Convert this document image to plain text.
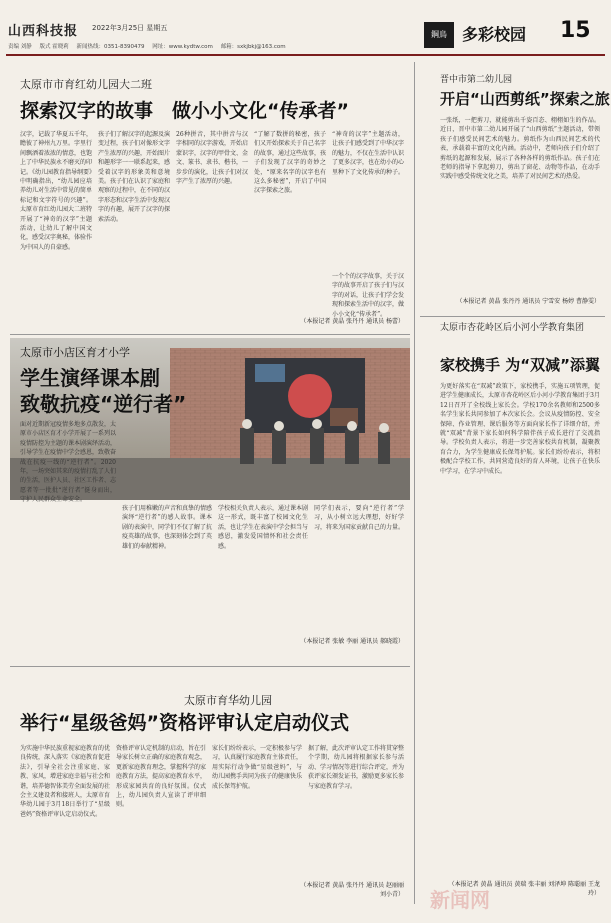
山西科技报 2022年3月25日 星期五
责编 刘静 版式 霍晓莉 新闻热线：0351-8390479 网址：www.kydtw.com 邮箱：sxkjbkj@163.com
鋼鳥 多彩校园 15
太原市市育红幼儿园大二班
探索汉字的故事　做小小文化“传承者”
汉字，记载了华夏五千年，瞻彼了神州九万里。字里行间飘洒着浓浓的情意，也饱上了中华民族永不磨灭的印记。《幼儿园教育指导纲要》中明确指出，“幼儿园应培养幼儿对生活中常见的简单标记和文字符号的兴趣”。太原市育红幼儿园大二班特开展了“神奇的汉字”主题活动，让幼儿了解中国文化，感受汉字奥秘，体验作为中国人的自豪感。
孩子们了解汉字的起源及演变过程，孩子们对像形文字产生浓厚的兴趣，开始图片和趣形字一一联系起来，感受着汉字的形象美和意境美。孩子们在认识了家庭和观察的过程中，在不同的汉字形态和汉字生活中发现汉字的有趣，展开了汉字的探索活动。
26种拼音，其中拼音与汉字相同的汉字游戏，开始启蒙识字，汉字的甲骨文、金文、篆书、隶书、楷书，一步步的演化，让孩子们对汉字产生了浓厚的兴趣。
“了解了数拼的秘密，孩子们又开始探索关于自己名字的故事，通过这些故事，孩子们发现了汉字的奇妙之处，“原来名字的汉字也有这么多秘密”，开启了中国汉字探索之旅。
“神奇的汉字”主题活动，让孩子们感受到了中华汉字的魅力，不仅在生活中认识了更多汉字，也在幼小的心里种下了文化传承的种子。
一个个的汉字故事，关于汉字的故事开启了孩子们与汉字的对话，让孩子们学会发现和探索生活中的汉字，做小小文化“传承者”。
（本报记者 黄晶 张丹丹 通讯员 杨蕾）
太原市小店区育才小学
学生演绎课本剧
致敬抗疫“逆行者”
面对近期新冠疫情多地多点散发，太原市小店区育才小学开展了一系列以疫情防控为主题的课本剧演绎活动，引导学生在疫情中学会感恩，致敬奋战在抗疫一线的“逆行者”。2020年，一场突如其来的疫情打乱了人们的生活，医护人员、社区工作者、志愿者等一批批“逆行者”挺身而出，守护人民群众生命安全。
孩子们用稚嫩的声音和真挚的情感演绎“逆行者”的感人故事。课本剧的表演中，同学们不仅了解了抗疫英雄的故事，也深刻体会到了英雄们的奉献精神。
学校相关负责人表示，通过课本剧这一形式，既丰富了校园文化生活，也让学生在表演中学会担当与感恩，激发爱国情怀和社会责任感。
同学们表示，要向“逆行者”学习，从小树立远大理想，好好学习，将来为国家贡献自己的力量。
（本报记者 张敏 李丽 通讯员 郝晓霞）
太原市育华幼儿园
举行“星级爸妈”资格评审认定启动仪式
为实施中华民族重视家庭教育的优良传统，深入落实《家庭教育促进法》，引导全社会注重家庭、家教、家风，增进家庭幸福与社会和谐，培养德智体美劳全面发展的社会主义建设者和接班人，太原市育华幼儿园于3月18日举行了“星级爸妈”资格评审认定启动仪式。
资格评审认定机制的启动，旨在引导家长树立正确的家庭教育观念，更新家庭教育理念，掌握科学的家庭教育方法，提高家庭教育水平，形成家园共育的良好氛围。仪式上，幼儿园负责人宣读了评审细则。
家长们纷纷表示，一定积极参与学习，认真履行家庭教育主体责任，用实际行动争做“星级爸妈”，与幼儿园携手共同为孩子的健康快乐成长保驾护航。
据了解，此次评审认定工作将贯穿整个学期，幼儿园将根据家长参与活动、学习情况等进行综合评定，并为获评家长颁发证书，激励更多家长参与家庭教育学习。
（本报记者 黄晶 张丹丹 通讯员 赵丽丽 刘小青）
晋中市第二幼儿园
开启“山西剪纸”探索之旅
一张纸，一把剪刀，就能剪出千姿百态、栩栩如生的作品。近日，晋中市第二幼儿园开展了“山西剪纸”主题活动，带领孩子们感受民间艺术的魅力。剪纸作为山西民间艺术的代表，承载着丰富的文化内涵。活动中，老师向孩子们介绍了剪纸的起源和发展，展示了各种各样的剪纸作品。孩子们在老师的指导下拿起剪刀，剪出了窗花、动物等作品，在动手实践中感受传统文化之美，培养了对民间艺术的热爱。
（本报记者 黄晶 张丹丹 通讯员 宁雪安 杨婷 曹静雯）
太原市杏花岭区后小河小学教育集团
家校携手 为“双减”添翼
为更好落实在“双减”政策下，家校携手，实施五项管理，促进学生健康成长，太原市杏花岭区后小河小学教育集团于3月12日召开了全校线上家长会。学校170余名教师和2500多名学生家长共同参加了本次家长会。会议从疫情防控、安全保障、作业管理、课后服务等方面向家长作了详细介绍，并就“双减”背景下家长如何科学陪伴孩子成长进行了交流指导。学校负责人表示，将进一步完善家校共育机制，凝聚教育合力，为学生健康成长保驾护航。家长们纷纷表示，将积极配合学校工作，共同营造良好的育人环境，让孩子在快乐中学习，在学习中成长。
（本报记者 黄晶 通讯员 黄瑞 张丰丽 刘泽坤 陈聪丽 王龙玲）
新闻网
